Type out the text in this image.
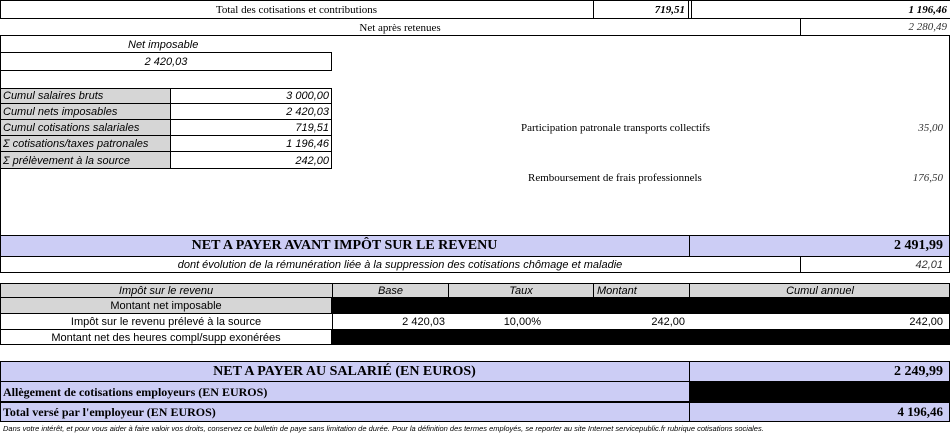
Total des cotisations et contributions	719,51	1 196,46
Net après retenues	2 280,49
Net imposable
2 420,03
Cumul salaires bruts	3 000,00
Cumul nets imposables	2 420,03
Cumul cotisations salariales	719,51
Σ cotisations/taxes patronales	1 196,46
Σ prélèvement à la source	242,00
Participation patronale transports collectifs	35,00
Remboursement de frais professionnels	176,50
NET A PAYER AVANT IMPÔT SUR LE REVENU	2 491,99
dont évolution de la rémunération liée à la suppression des cotisations chômage et maladie	42,01
Impôt sur le revenu	Base	Taux	Montant	Cumul annuel
Montant net imposable
Impôt sur le revenu prélevé à la source	2 420,03	10,00%	242,00	242,00
Montant net des heures compl/supp exonérées
NET A PAYER AU SALARIÉ (EN EUROS)	2 249,99
Allègement de cotisations employeurs (EN EUROS)
Total versé par l'employeur (EN EUROS)	4 196,46
Dans votre intérêt, et pour vous aider à faire valoir vos droits, conservez ce bulletin de paye sans limitation de durée. Pour la définition des termes employés, se reporter au site Internet servicepublic.fr rubrique cotisations sociales.
